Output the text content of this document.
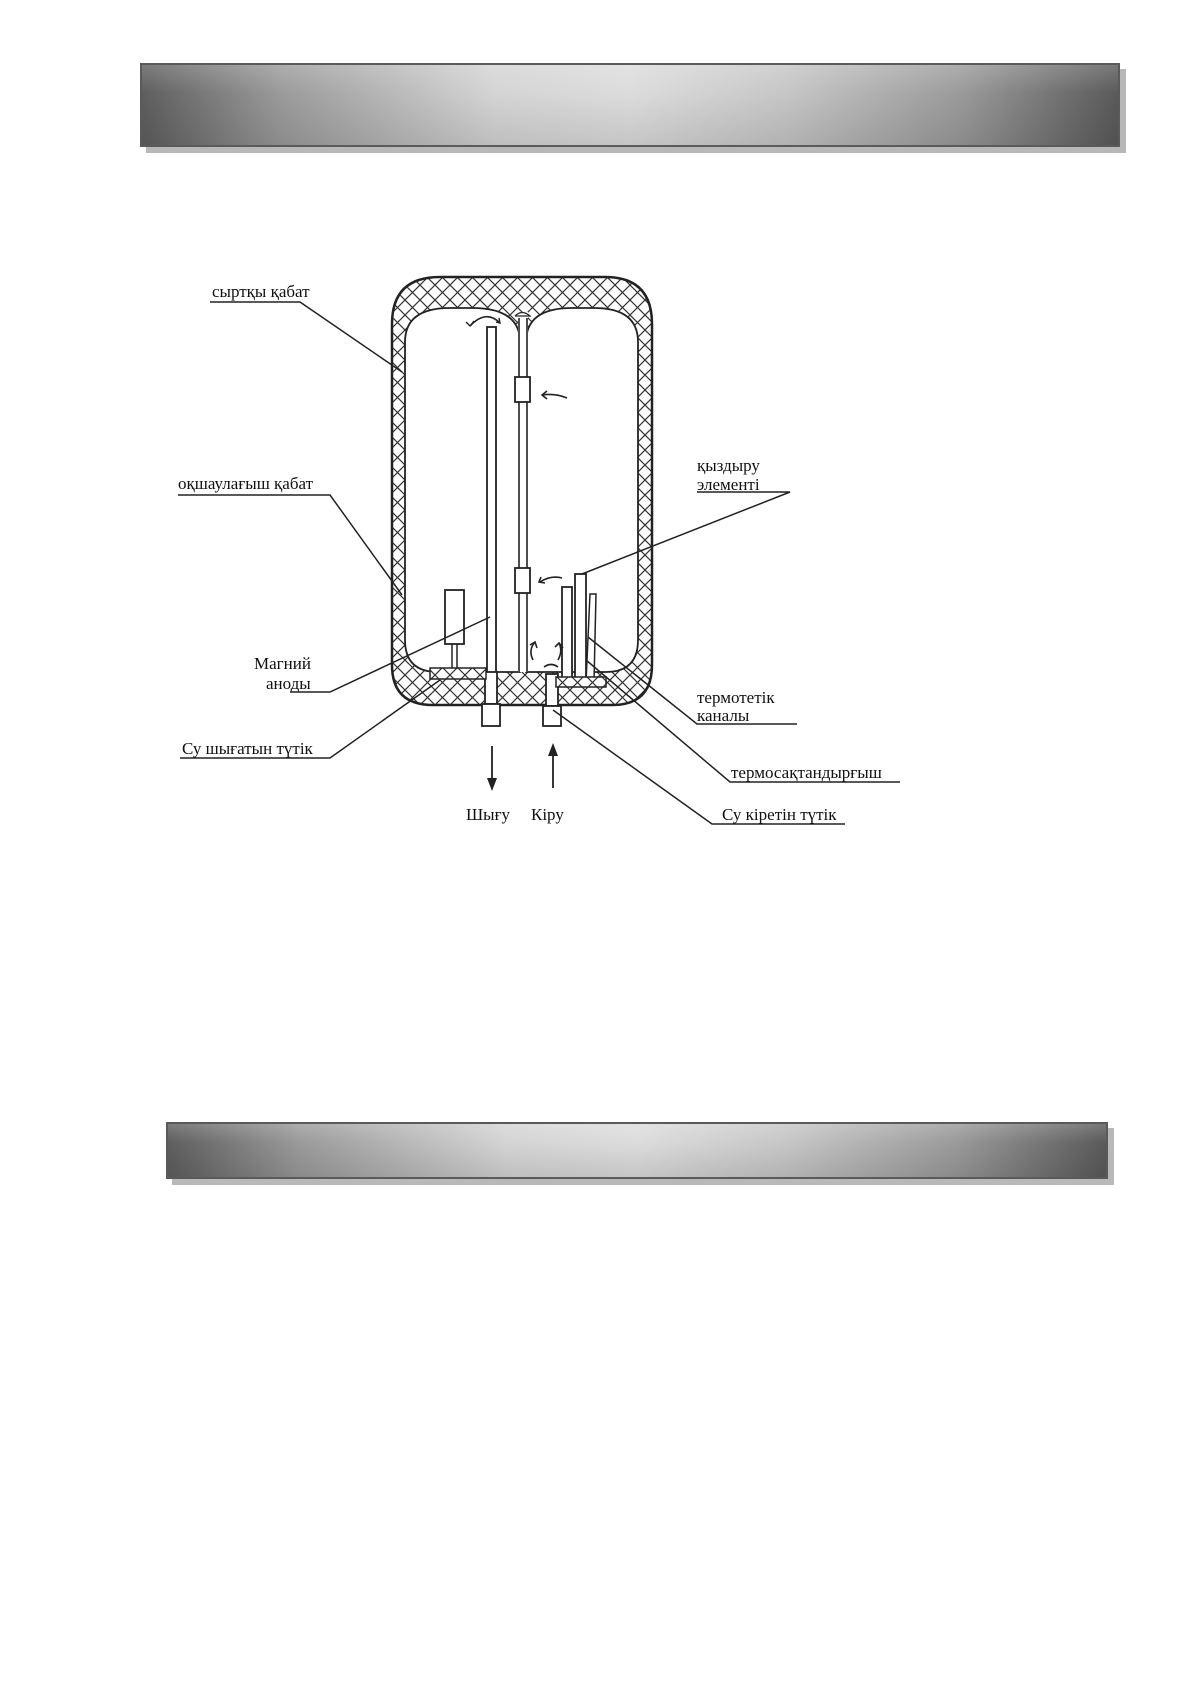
сыртқы қабат
оқшаулағыш қабат
Магний
аноды
Су шығатын түтік
қыздыру
элементі
термотетік
каналы
термосақтандырғыш
Су кіретін түтік
Шығу Кіру
